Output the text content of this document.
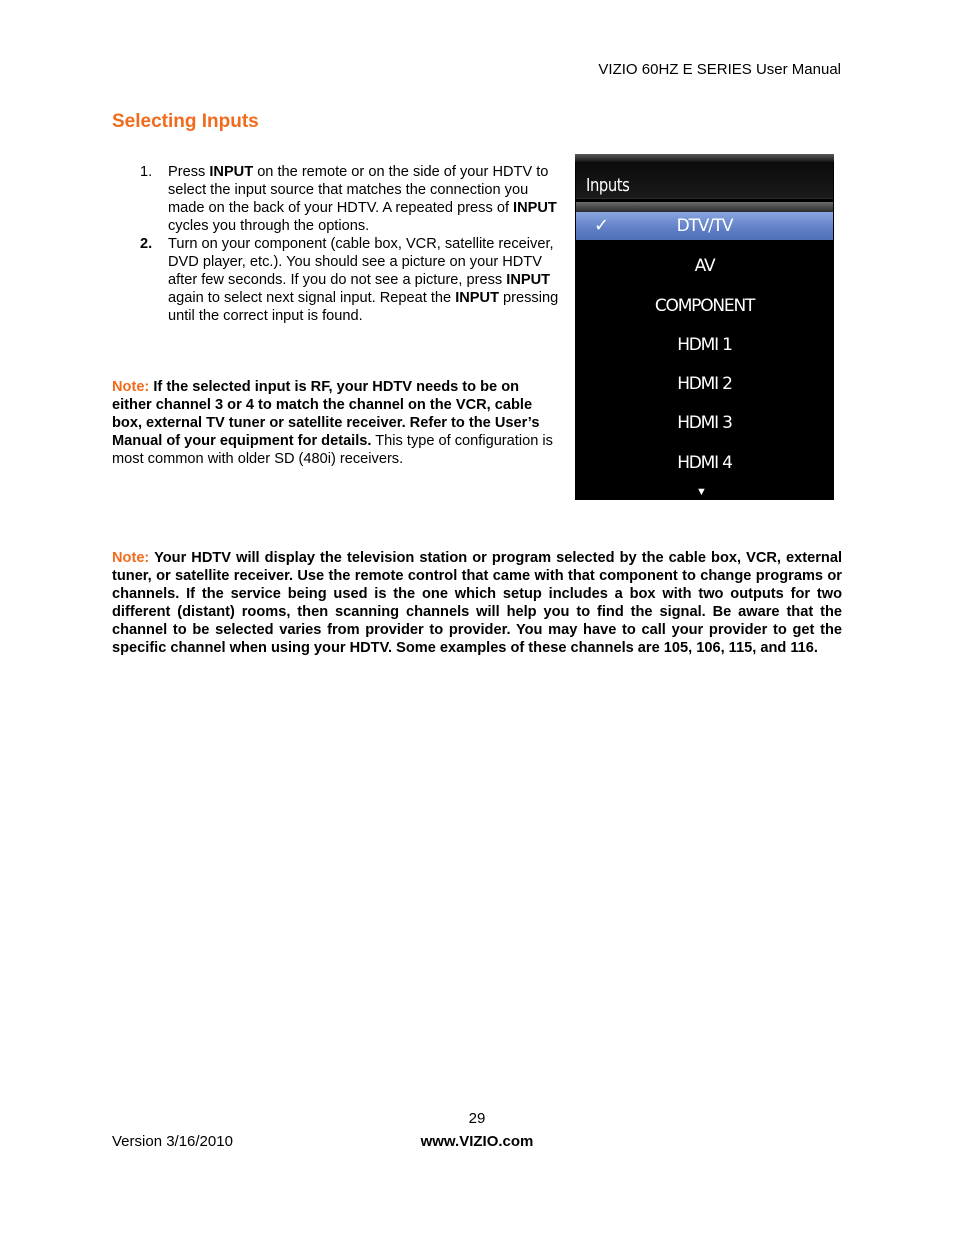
VIZIO 60HZ E SERIES User Manual
Selecting Inputs
1.	Press INPUT on the remote or on the side of your HDTV to select the input source that matches the connection you made on the back of your HDTV. A repeated press of INPUT cycles you through the options.
2.	Turn on your component (cable box, VCR, satellite receiver, DVD player, etc.). You should see a picture on your HDTV after few seconds. If you do not see a picture, press INPUT again to select next signal input. Repeat the INPUT pressing until the correct input is found.
Note: If the selected input is RF, your HDTV needs to be on either channel 3 or 4 to match the channel on the VCR, cable box, external TV tuner or satellite receiver. Refer to the User’s Manual of your equipment for details. This type of configuration is most common with older SD (480i) receivers.
Note: Your HDTV will display the television station or program selected by the cable box, VCR, external tuner, or satellite receiver. Use the remote control that came with that component to change programs or channels. If the service being used is the one which setup includes a box with two outputs for two different (distant) rooms, then scanning channels will help you to find the signal. Be aware that the channel to be selected varies from provider to provider. You may have to call your provider to get the specific channel when using your HDTV. Some examples of these channels are 105, 106, 115, and 116.
Inputs
✓	DTV/TV
AV
COMPONENT
HDMI 1
HDMI 2
HDMI 3
HDMI 4
▼
29
Version 3/16/2010	www.VIZIO.com
